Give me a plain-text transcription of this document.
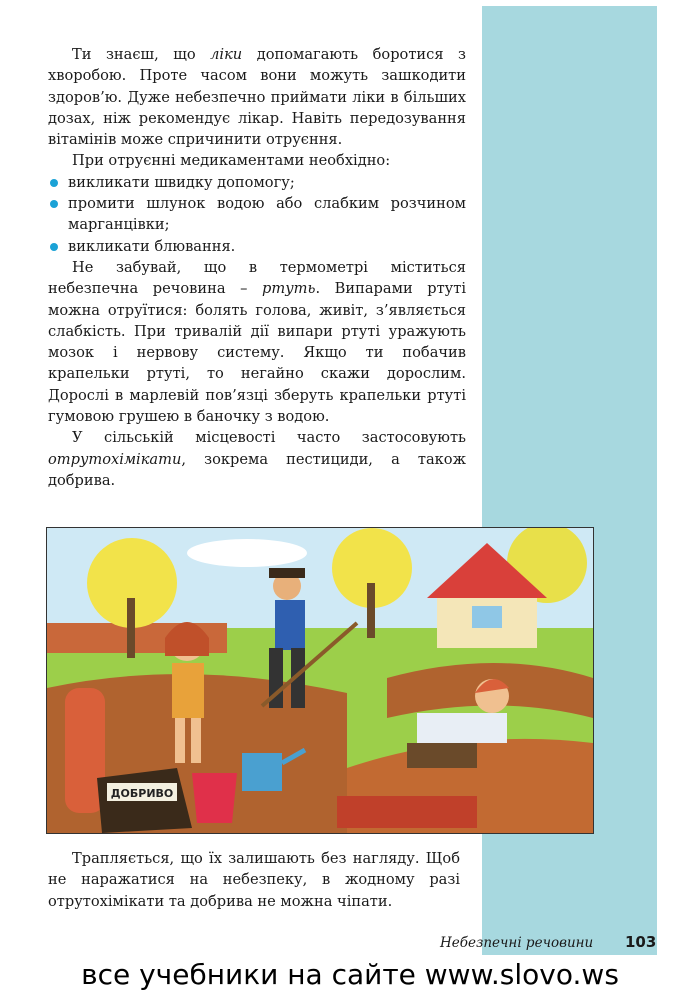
Ти знаєш, що ліки допомагають боротися з хворобою. Проте часом вони можуть зашкодити здоров’ю. Дуже небезпечно приймати ліки в більших дозах, ніж рекомендує лікар. Навіть передозування вітамінів може спричинити отруєння.

При отруєнні медикаментами необхідно:

викликати швидку допомогу;
промити шлунок водою або слабким розчином марганцівки;
викликати блювання.

Не забувай, що в термометрі міститься небезпечна речовина – ртуть. Випарами ртуті можна отруїтися: болять голова, живіт, з’являється слабкість. При тривалій дії випари ртуті уражують мозок і нервову систему. Якщо ти побачив крапельки ртуті, то негайно скажи дорослим. Дорослі в марлевій пов’язці зберуть крапельки ртуті гумовою грушею в баночку з водою.

У сільській місцевості часто застосовують отрутохімікати, зокрема пестициди, а також добрива.

ДОБРИВО

Трапляється, що їх залишають без нагляду. Щоб не наражатися на небезпеку, в жодному разі отрутохімікати та добрива не можна чіпати.

Небезпечні речовини 103
все учебники на сайте www.slovo.ws
